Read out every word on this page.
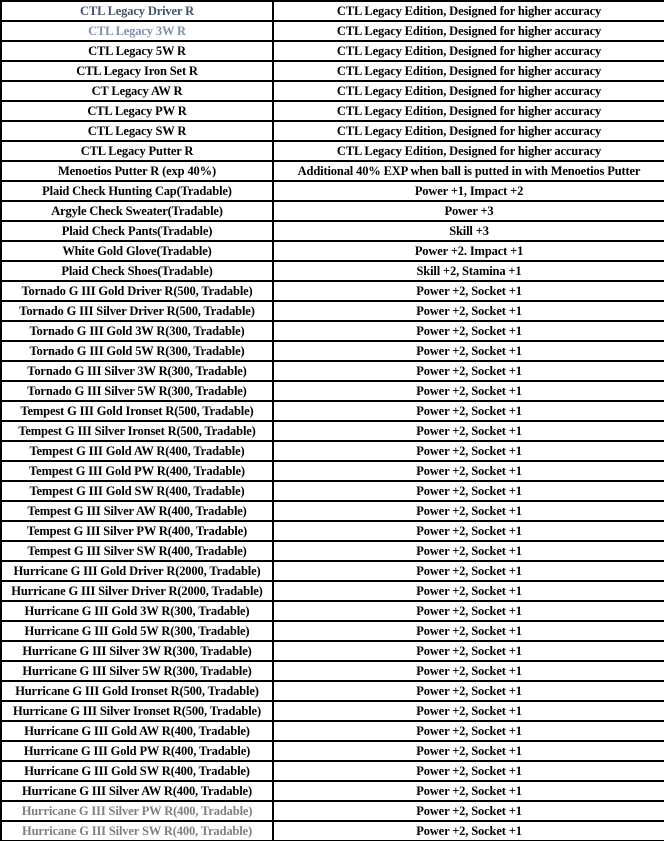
CTL Legacy Driver R	CTL Legacy Edition, Designed for higher accuracy
CTL Legacy 3W R	CTL Legacy Edition, Designed for higher accuracy
CTL Legacy 5W R	CTL Legacy Edition, Designed for higher accuracy
CTL Legacy Iron Set R	CTL Legacy Edition, Designed for higher accuracy
CT Legacy AW R	CTL Legacy Edition, Designed for higher accuracy
CTL Legacy PW R	CTL Legacy Edition, Designed for higher accuracy
CTL Legacy SW R	CTL Legacy Edition, Designed for higher accuracy
CTL Legacy Putter R	CTL Legacy Edition, Designed for higher accuracy
Menoetios Putter R (exp 40%)	Additional 40% EXP when ball is putted in with Menoetios Putter
Plaid Check Hunting Cap(Tradable)	Power +1, Impact +2
Argyle Check Sweater(Tradable)	Power +3
Plaid Check Pants(Tradable)	Skill +3
White Gold Glove(Tradable)	Power +2. Impact +1
Plaid Check Shoes(Tradable)	Skill +2, Stamina +1
Tornado G III Gold Driver R(500, Tradable)	Power +2, Socket +1
Tornado G III Silver Driver R(500, Tradable)	Power +2, Socket +1
Tornado G III Gold 3W R(300, Tradable)	Power +2, Socket +1
Tornado G III Gold 5W R(300, Tradable)	Power +2, Socket +1
Tornado G III Silver 3W R(300, Tradable)	Power +2, Socket +1
Tornado G III Silver 5W R(300, Tradable)	Power +2, Socket +1
Tempest G III Gold Ironset R(500, Tradable)	Power +2, Socket +1
Tempest G III Silver Ironset R(500, Tradable)	Power +2, Socket +1
Tempest G III Gold AW R(400, Tradable)	Power +2, Socket +1
Tempest G III Gold PW R(400, Tradable)	Power +2, Socket +1
Tempest G III Gold SW R(400, Tradable)	Power +2, Socket +1
Tempest G III Silver AW R(400, Tradable)	Power +2, Socket +1
Tempest G III Silver PW R(400, Tradable)	Power +2, Socket +1
Tempest G III Silver SW R(400, Tradable)	Power +2, Socket +1
Hurricane G III Gold Driver R(2000, Tradable)	Power +2, Socket +1
Hurricane G III Silver Driver R(2000, Tradable)	Power +2, Socket +1
Hurricane G III Gold 3W R(300, Tradable)	Power +2, Socket +1
Hurricane G III Gold 5W R(300, Tradable)	Power +2, Socket +1
Hurricane G III Silver 3W R(300, Tradable)	Power +2, Socket +1
Hurricane G III Silver 5W R(300, Tradable)	Power +2, Socket +1
Hurricane G III Gold Ironset R(500, Tradable)	Power +2, Socket +1
Hurricane G III Silver Ironset R(500, Tradable)	Power +2, Socket +1
Hurricane G III Gold AW R(400, Tradable)	Power +2, Socket +1
Hurricane G III Gold PW R(400, Tradable)	Power +2, Socket +1
Hurricane G III Gold SW R(400, Tradable)	Power +2, Socket +1
Hurricane G III Silver AW R(400, Tradable)	Power +2, Socket +1
Hurricane G III Silver PW R(400, Tradable)	Power +2, Socket +1
Hurricane G III Silver SW R(400, Tradable)	Power +2, Socket +1
